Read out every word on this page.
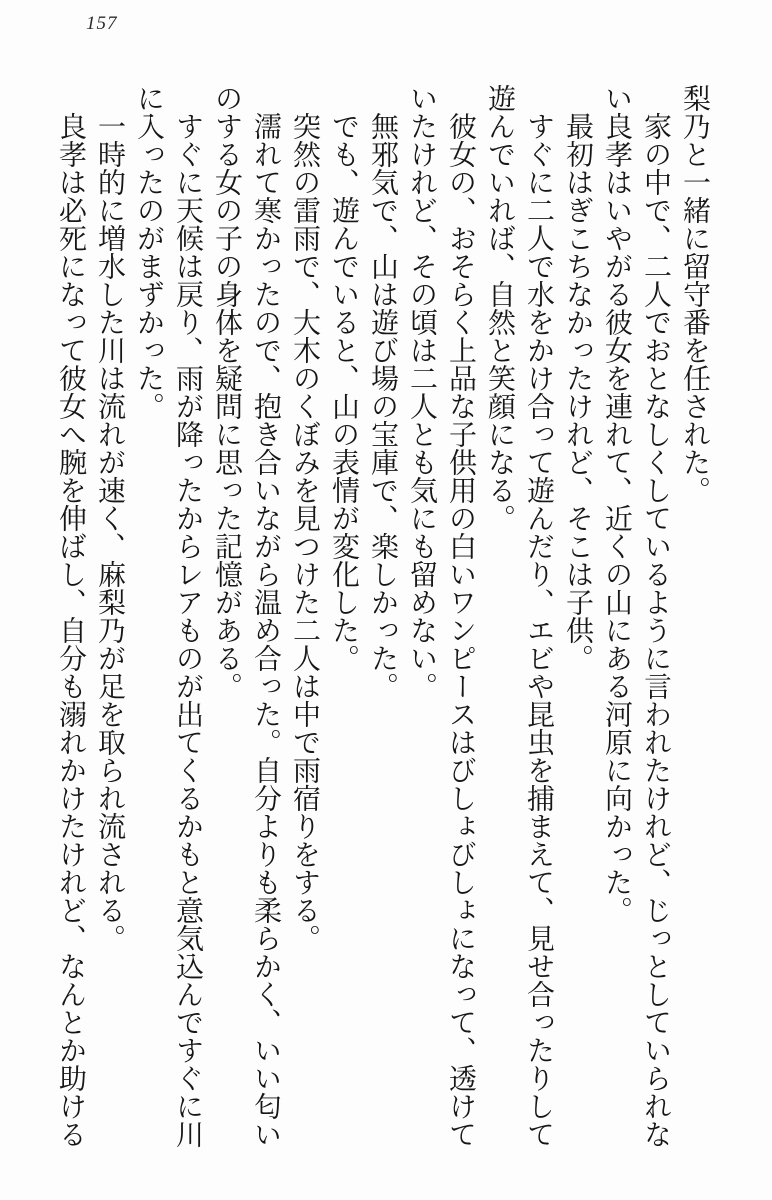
157

梨乃と一緒に留守番を任された。

家の中で、二人でおとなしくしているように言われたけれど、じっとしていられない良孝はいやがる彼女を連れて、近くの山にある河原に向かった。

最初はぎこちなかったけれど、そこは子供。

すぐに二人で水をかけ合って遊んだり、エビや昆虫を捕まえて、見せ合ったりして遊んでいれば、自然と笑顔になる。

彼女の、おそらく上品な子供用の白いワンピースはびしょびしょになって、透けていたけれど、その頃は二人とも気にも留めない。

無邪気で、山は遊び場の宝庫で、楽しかった。

でも、遊んでいると、山の表情が変化した。

突然の雷雨で、大木のくぼみを見つけた二人は中で雨宿りをする。

濡れて寒かったので、抱き合いながら温め合った。自分よりも柔らかく、いい匂いのする女の子の身体を疑問に思った記憶がある。

すぐに天候は戻り、雨が降ったからレアものが出てくるかもと意気込んですぐに川に入ったのがまずかった。

一時的に増水した川は流れが速く、麻梨乃が足を取られ流される。

良孝は必死になって彼女へ腕を伸ばし、自分も溺れかけたけれど、なんとか助ける
